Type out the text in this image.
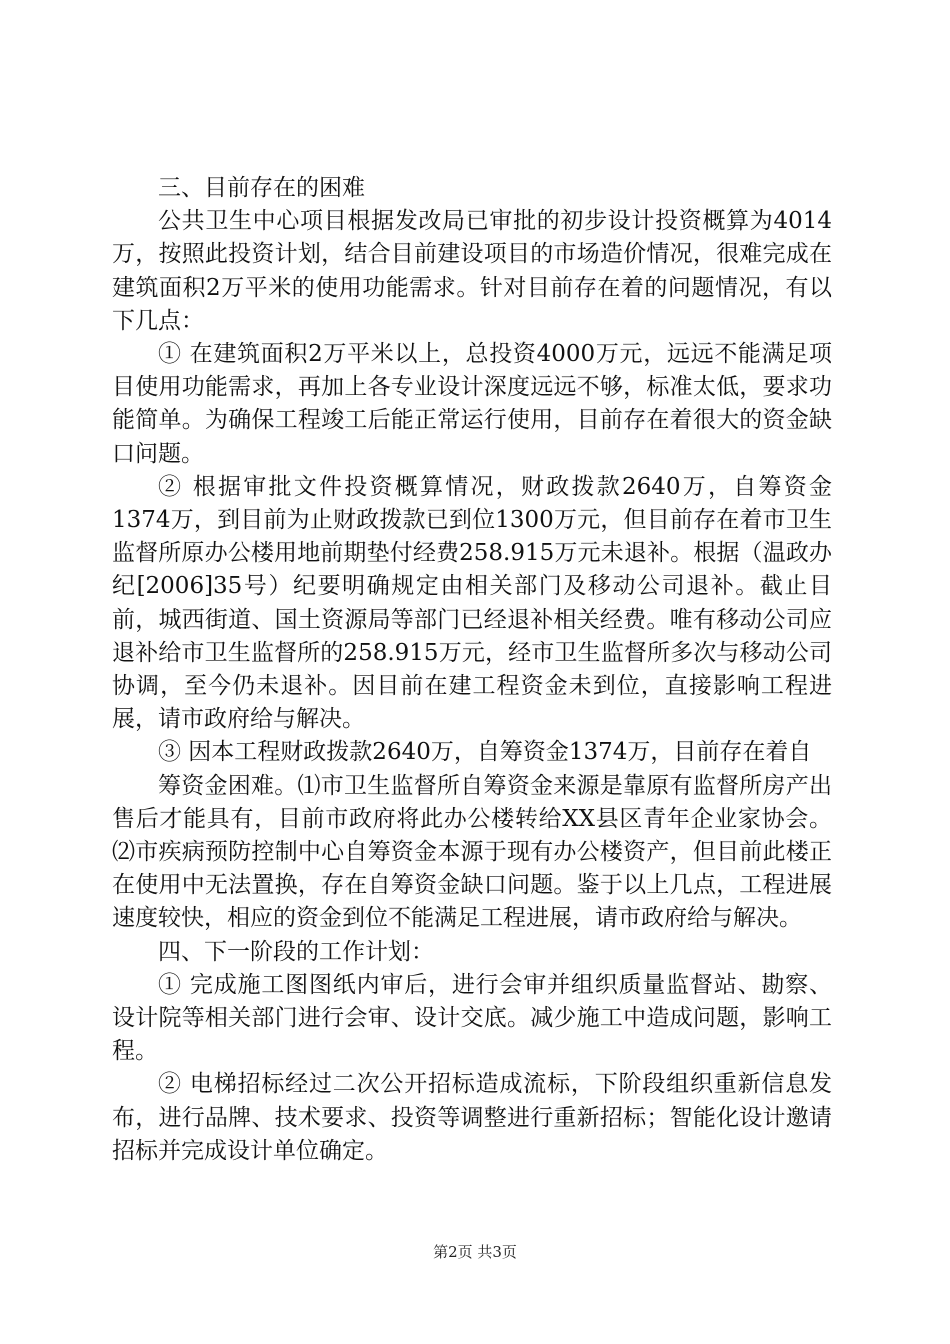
三、目前存在的困难

公共卫生中心项目根据发改局已审批的初步设计投资概算为4014万，按照此投资计划，结合目前建设项目的市场造价情况，很难完成在建筑面积2万平米的使用功能需求。针对目前存在着的问题情况，有以下几点：

① 在建筑面积2万平米以上，总投资4000万元，远远不能满足项目使用功能需求，再加上各专业设计深度远远不够，标准太低，要求功能简单。为确保工程竣工后能正常运行使用，目前存在着很大的资金缺口问题。

② 根据审批文件投资概算情况，财政拨款2640万，自筹资金1374万，到目前为止财政拨款已到位1300万元，但目前存在着市卫生监督所原办公楼用地前期垫付经费258.915万元未退补。根据（温政办纪[2006]35号）纪要明确规定由相关部门及移动公司退补。截止目前，城西街道、国土资源局等部门已经退补相关经费。唯有移动公司应退补给市卫生监督所的258.915万元，经市卫生监督所多次与移动公司协调，至今仍未退补。因目前在建工程资金未到位，直接影响工程进展，请市政府给与解决。

③ 因本工程财政拨款2640万，自筹资金1374万，目前存在着自

筹资金困难。⑴市卫生监督所自筹资金来源是靠原有监督所房产出售后才能具有，目前市政府将此办公楼转给XX县区青年企业家协会。⑵市疾病预防控制中心自筹资金本源于现有办公楼资产，但目前此楼正在使用中无法置换，存在自筹资金缺口问题。鉴于以上几点，工程进展速度较快，相应的资金到位不能满足工程进展，请市政府给与解决。

四、下一阶段的工作计划：

① 完成施工图图纸内审后，进行会审并组织质量监督站、勘察、设计院等相关部门进行会审、设计交底。减少施工中造成问题，影响工程。

② 电梯招标经过二次公开招标造成流标，下阶段组织重新信息发布，进行品牌、技术要求、投资等调整进行重新招标；智能化设计邀请招标并完成设计单位确定。

第2页 共3页
